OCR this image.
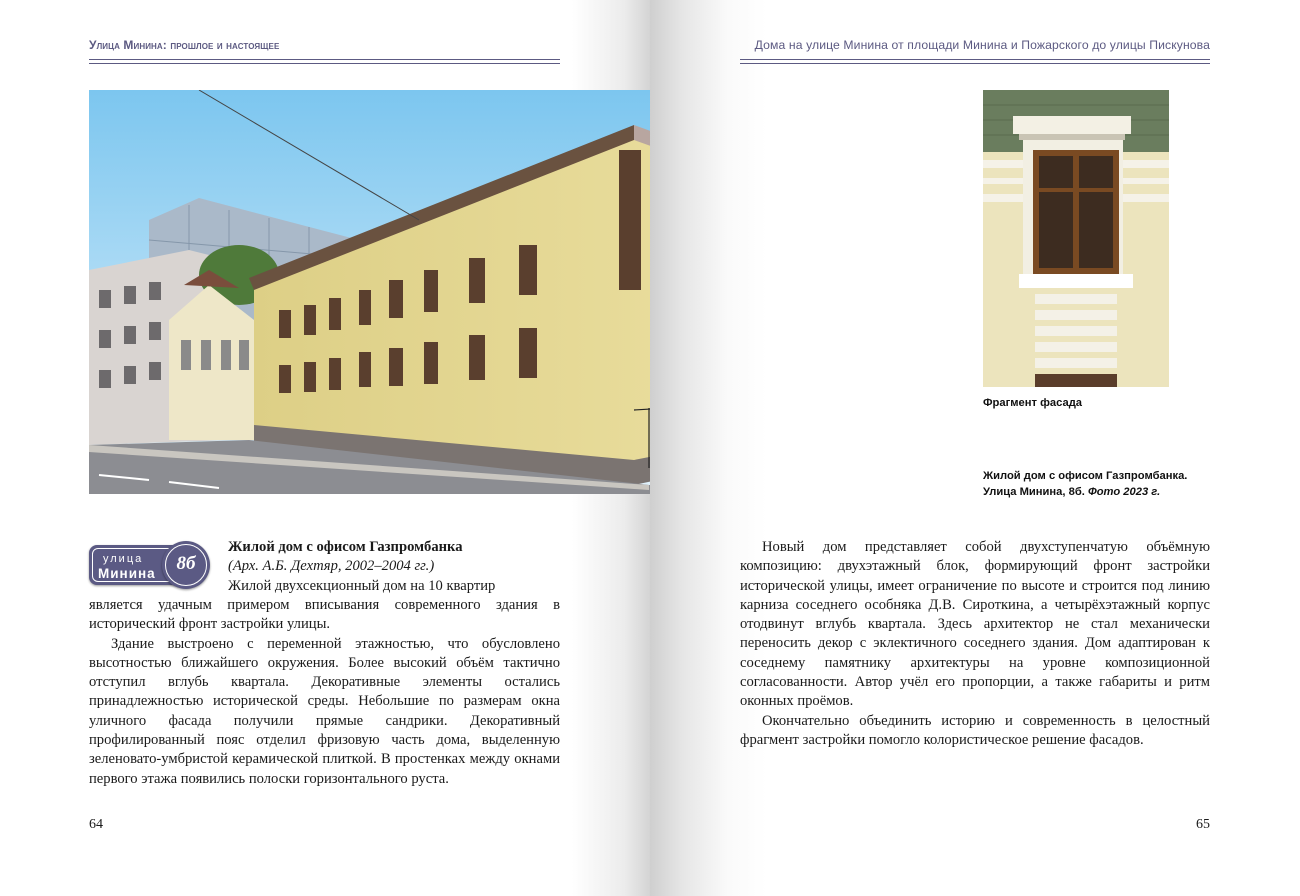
Улица Минина: прошлое и настоящее
улица
Минина	8б
Жилой дом с офисом Газпромбанка
(Арх. А.Б. Дехтяр, 2002–2004 гг.)
Жилой двухсекционный дом на 10 квартир

является удачным примером вписывания современного здания в исторический фронт застройки улицы.

Здание выстроено с переменной этажностью, что обусловлено высотностью ближайшего окружения. Более высокий объём тактично отступил вглубь квартала. Декоративные элементы остались принадлежностью исторической среды. Небольшие по размерам окна уличного фасада получили прямые сандрики. Декоративный профилированный пояс отделил фризовую часть дома, выделенную зеленовато-умбристой керамической плиткой. В простенках между окнами первого этажа появились полоски горизонтального руста.

64
Дома на улице Минина от площади Минина и Пожарского до улицы Пискунова
Фрагмент фасада
Жилой дом с офисом Газпромбанка.
Улица Минина, 8б. Фото 2023 г.

Новый дом представляет собой двухступенчатую объёмную композицию: двухэтажный блок, формирующий фронт застройки исторической улицы, имеет ограничение по высоте и строится под линию карниза соседнего особняка Д.В. Сироткина, а четырёхэтажный корпус отодвинут вглубь квартала. Здесь архитектор не стал механически переносить декор с эклектичного соседнего здания. Дом адаптирован к соседнему памятнику архитектуры на уровне композиционной согласованности. Автор учёл его пропорции, а также габариты и ритм оконных проёмов.

Окончательно объединить историю и современность в целостный фрагмент застройки помогло колористическое решение фасадов.

65
